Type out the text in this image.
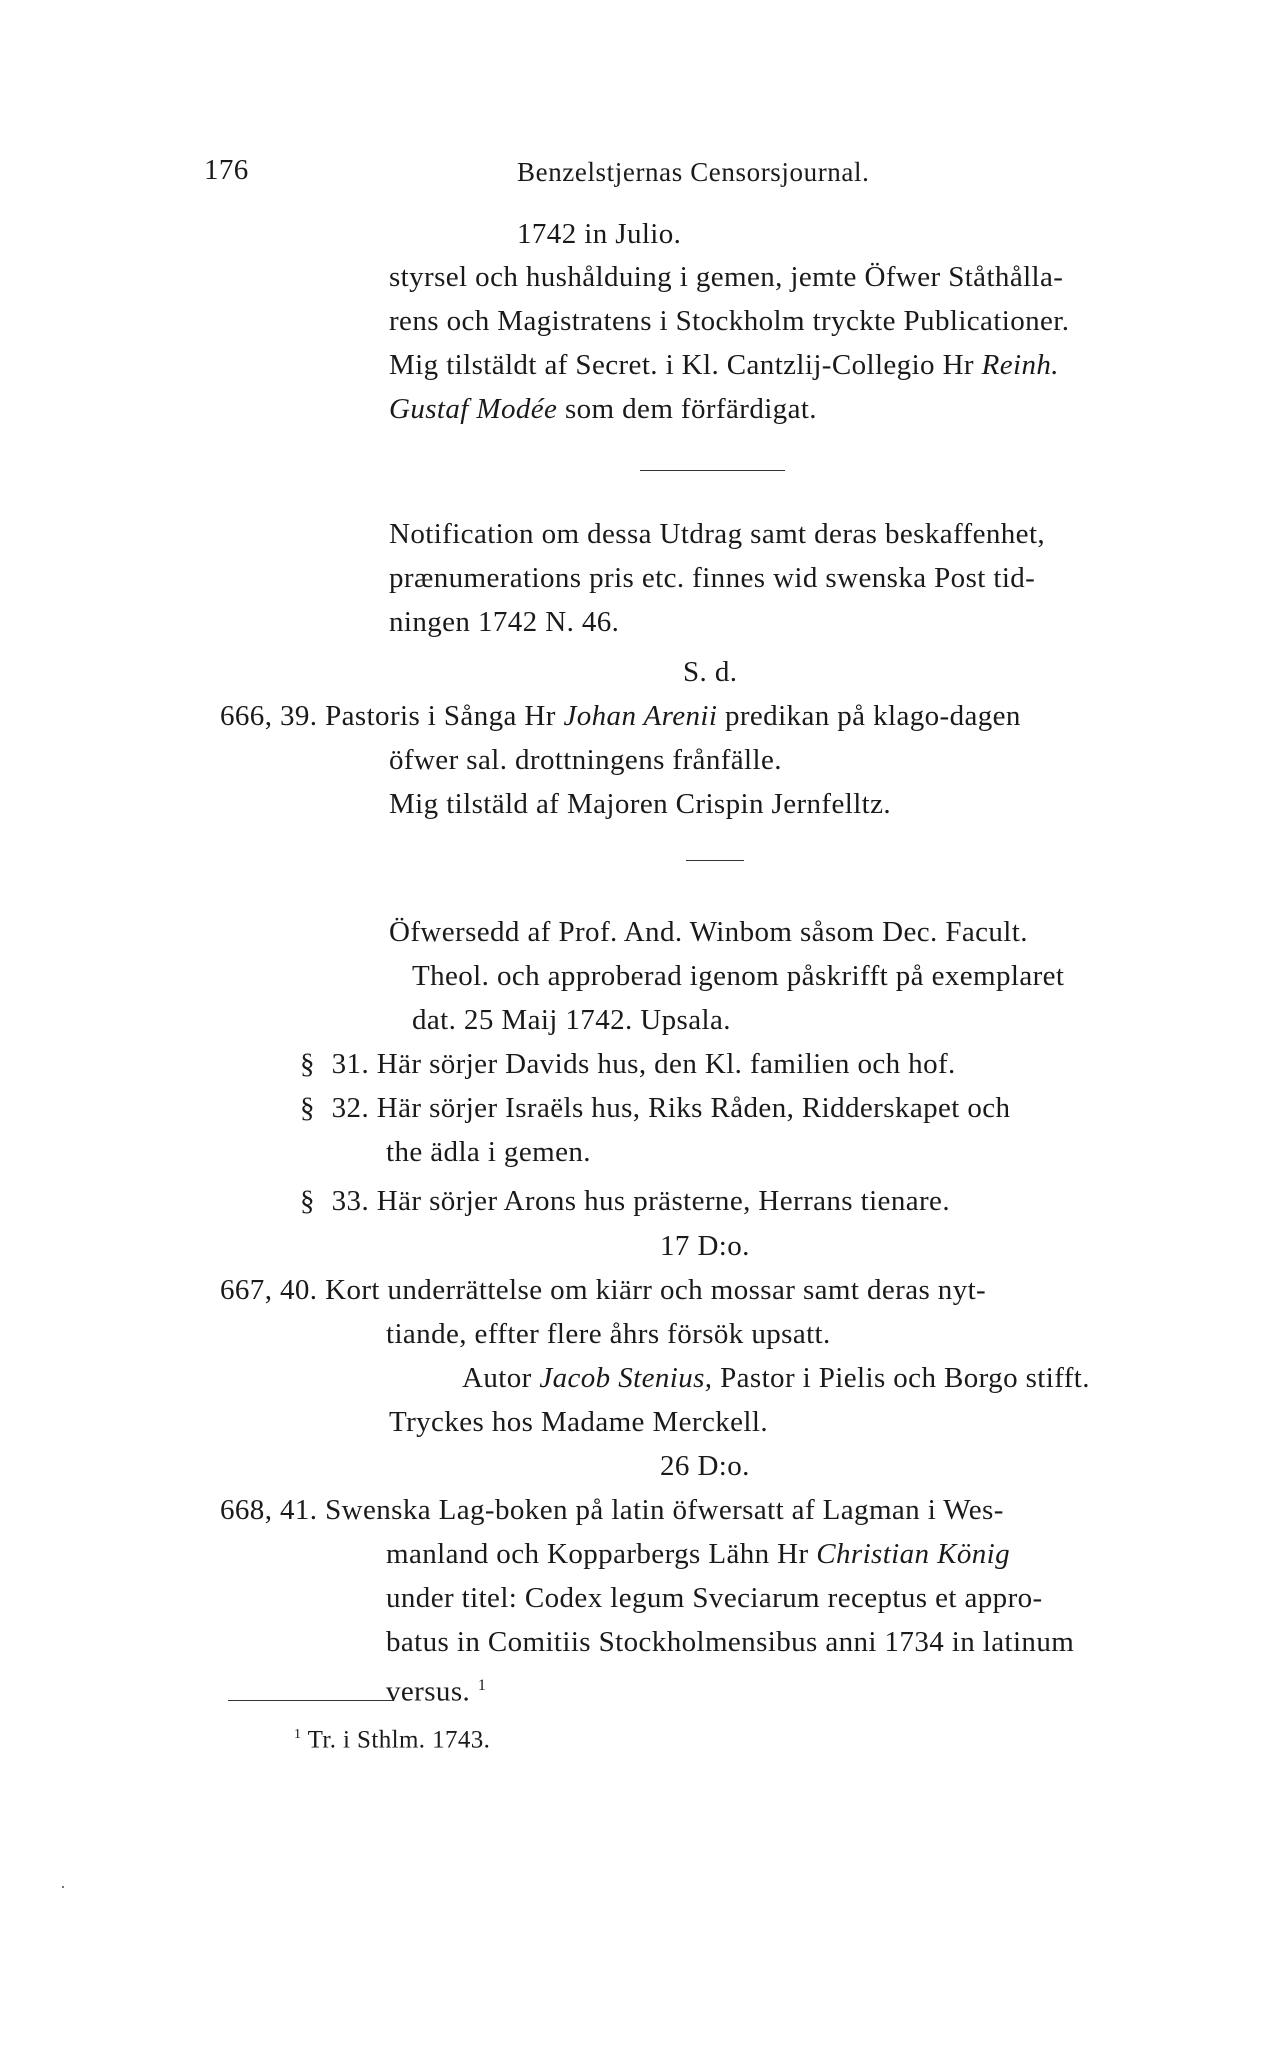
176	Benzelstjernas Censorsjournal.
1742 in Julio.
styrsel och hushålduing i gemen, jemte Öfwer Ståthålla-
rens och Magistratens i Stockholm tryckte Publicationer.
Mig tilstäldt af Secret. i Kl. Cantzlij-Collegio Hr Reinh.
Gustaf Modée som dem förfärdigat.
Notification om dessa Utdrag samt deras beskaffenhet,
prænumerations pris etc. finnes wid swenska Post tid-
ningen 1742 N. 46.
S. d.
666, 39. Pastoris i Sånga Hr Johan Arenii predikan på klago-dagen
öfwer sal. drottningens frånfälle.
Mig tilstäld af Majoren Crispin Jernfelltz.
Öfwersedd af Prof. And. Winbom såsom Dec. Facult.
Theol. och approberad igenom påskrifft på exemplaret
dat. 25 Maij 1742. Upsala.
§ 31. Här sörjer Davids hus, den Kl. familien och hof.
§ 32. Här sörjer Israëls hus, Riks Råden, Ridderskapet och
the ädla i gemen.
§ 33. Här sörjer Arons hus prästerne, Herrans tienare.
17 D:o.
667, 40. Kort underrättelse om kiärr och mossar samt deras nyt-
tiande, effter flere åhrs försök upsatt.
Autor Jacob Stenius, Pastor i Pielis och Borgo stifft.
Tryckes hos Madame Merckell.
26 D:o.
668, 41. Swenska Lag-boken på latin öfwersatt af Lagman i Wes-
manland och Kopparbergs Lähn Hr Christian König
under titel: Codex legum Sveciarum receptus et appro-
batus in Comitiis Stockholmensibus anni 1734 in latinum
versus. $^1$
$^1$ Tr. i Sthlm. 1743.
